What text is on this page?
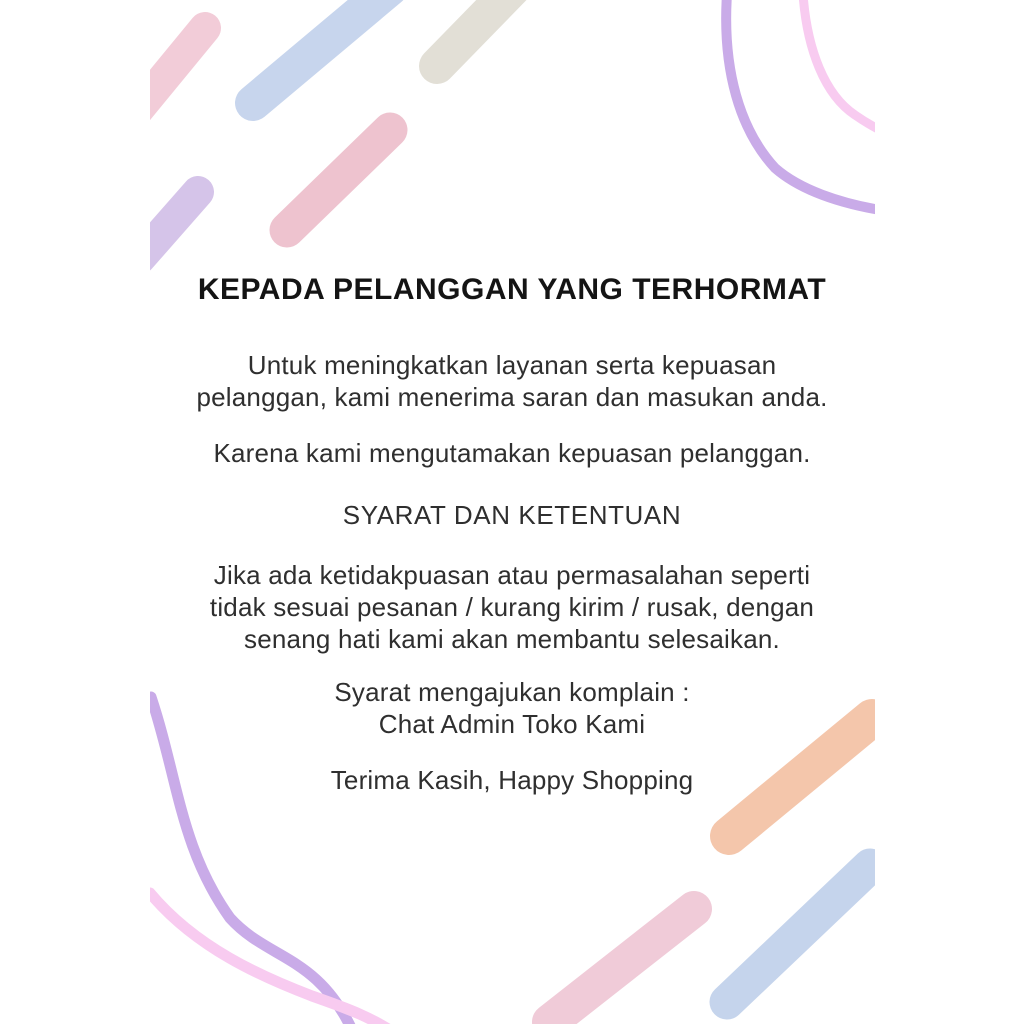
KEPADA PELANGGAN YANG TERHORMAT

Untuk meningkatkan layanan serta kepuasan
pelanggan, kami menerima saran dan masukan anda.

Karena kami mengutamakan kepuasan pelanggan.

SYARAT DAN KETENTUAN

Jika ada ketidakpuasan atau permasalahan seperti
tidak sesuai pesanan / kurang kirim / rusak, dengan
senang hati kami akan membantu selesaikan.

Syarat mengajukan komplain :
Chat Admin Toko Kami

Terima Kasih, Happy Shopping
